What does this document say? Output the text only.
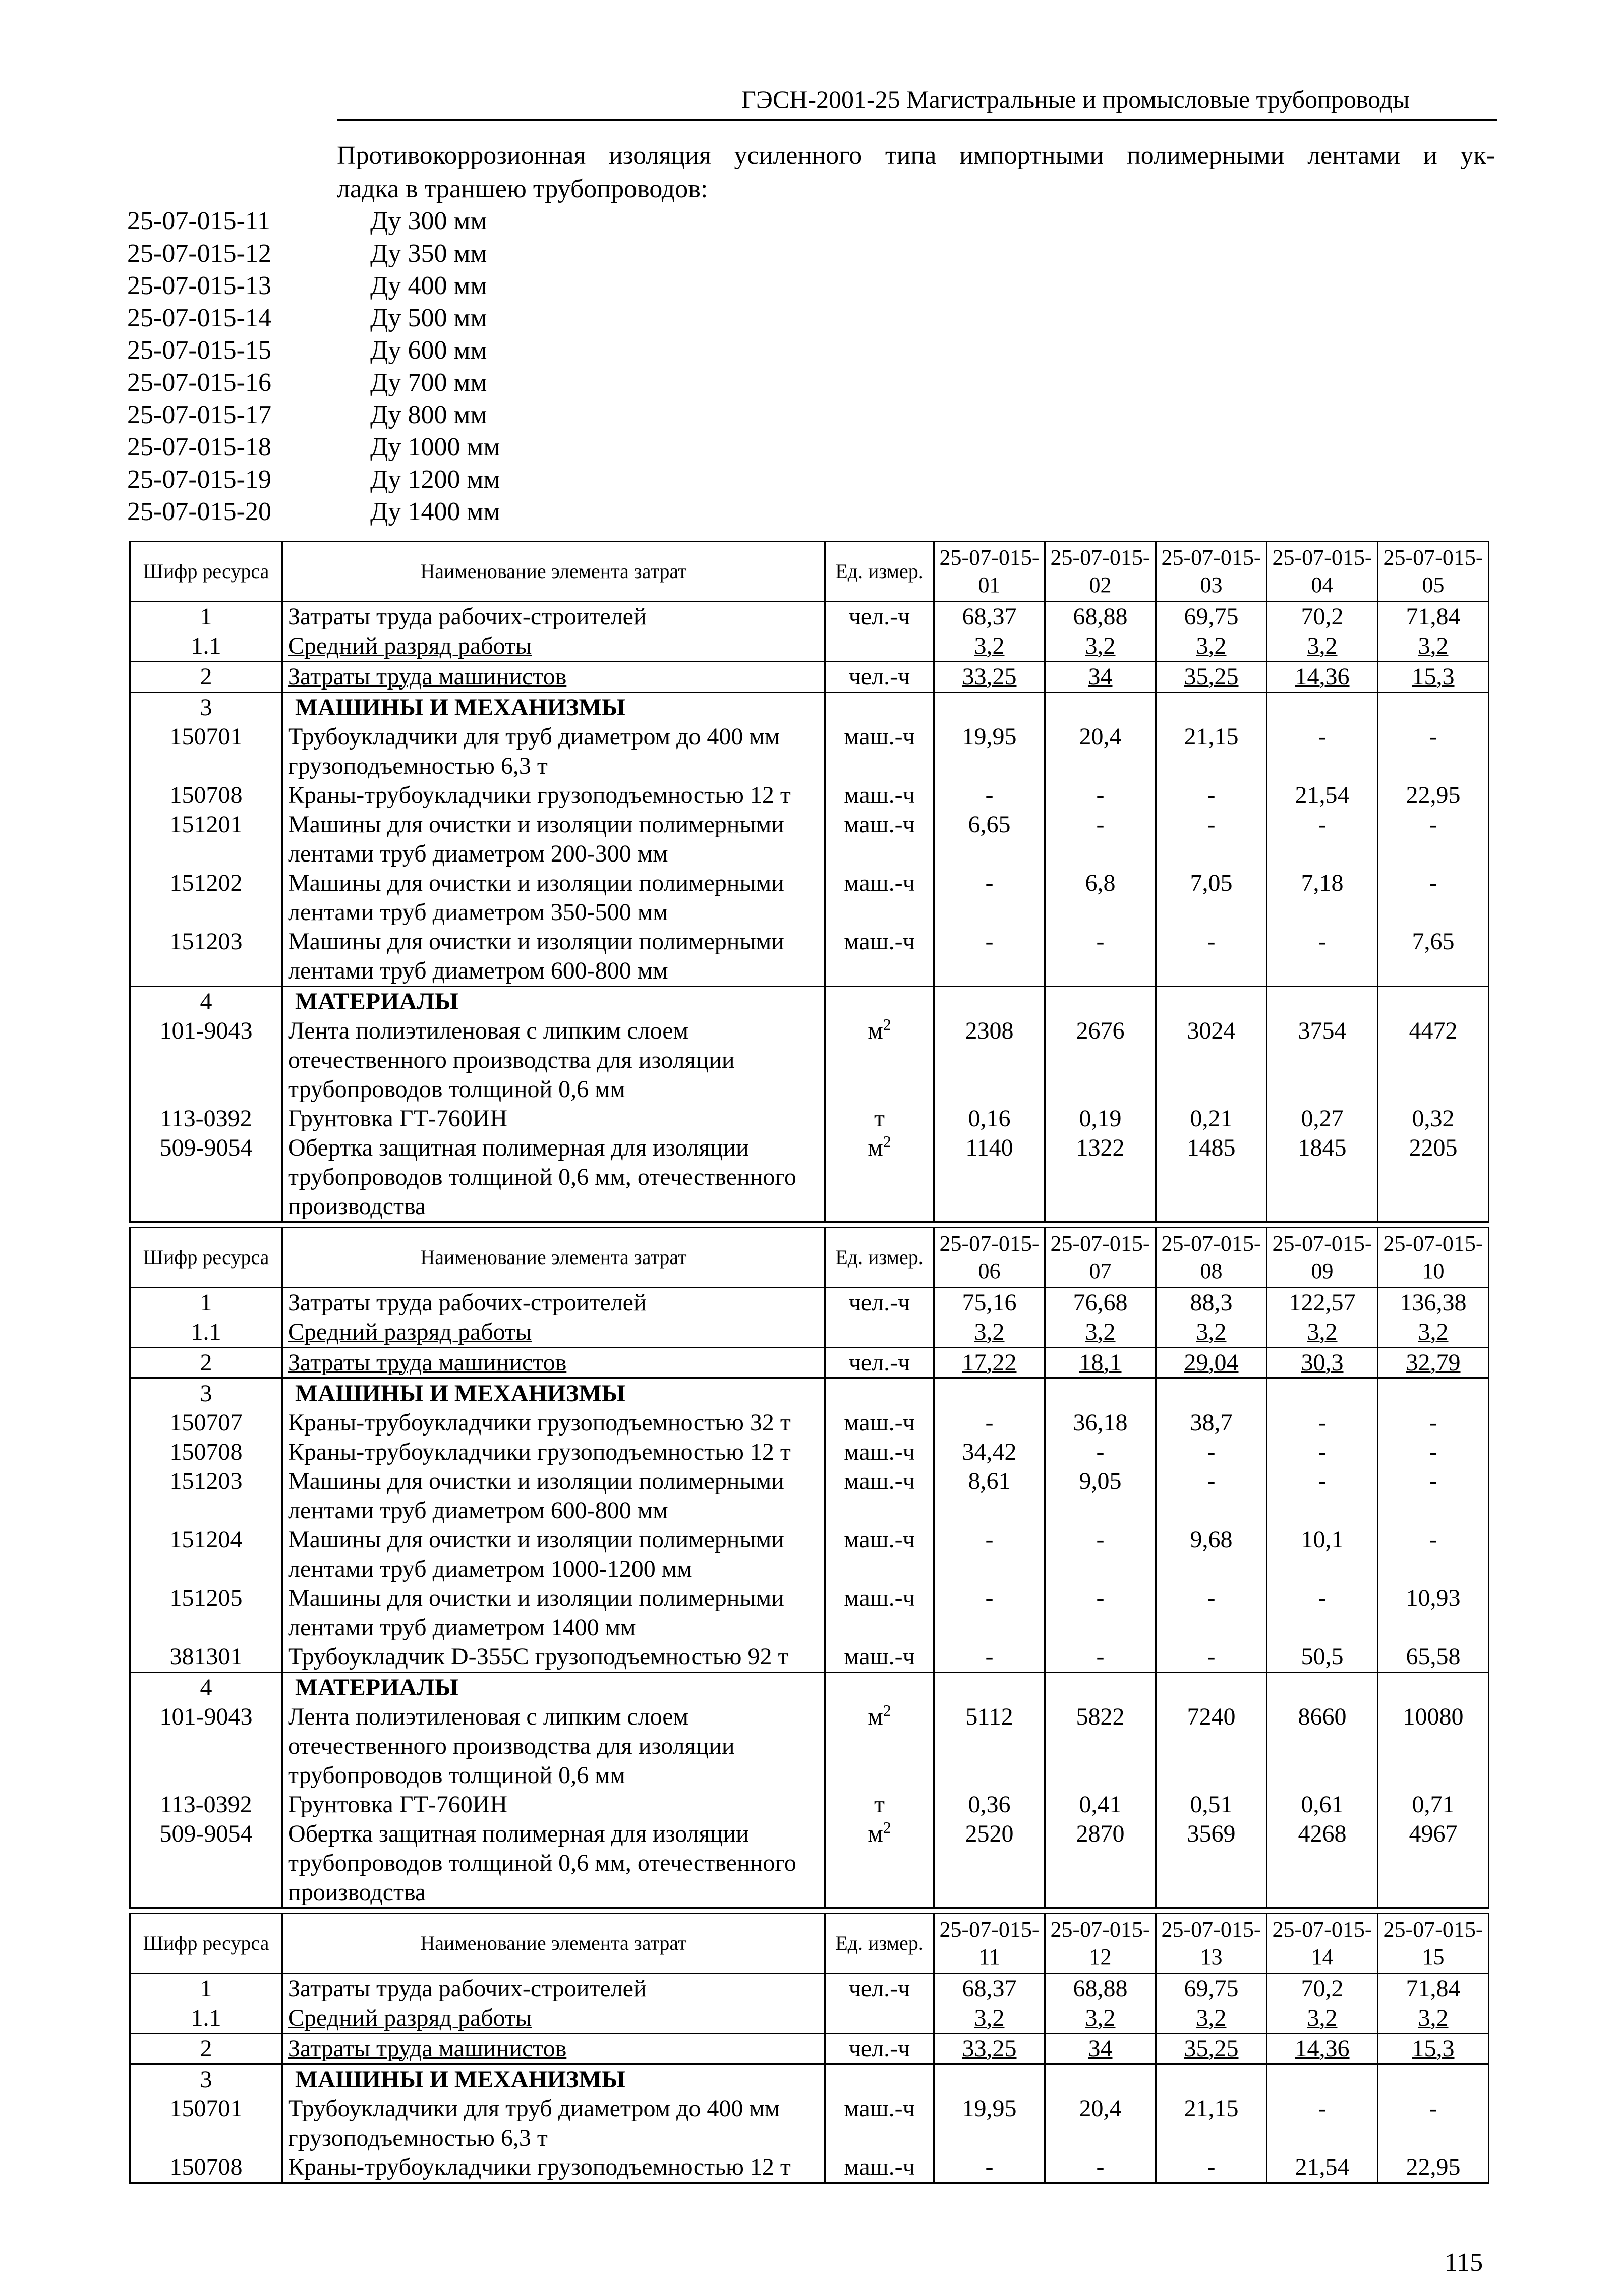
ГЭСН-2001-25 Магистральные и промысловые трубопроводы
Противокоррозионная изоляция усиленного типа импортными полимерными лентами и ук-
ладка в траншею трубопроводов:
25-07-015-11	Ду 300 мм
25-07-015-12	Ду 350 мм
25-07-015-13	Ду 400 мм
25-07-015-14	Ду 500 мм
25-07-015-15	Ду 600 мм
25-07-015-16	Ду 700 мм
25-07-015-17	Ду 800 мм
25-07-015-18	Ду 1000 мм
25-07-015-19	Ду 1200 мм
25-07-015-20	Ду 1400 мм
Шифр ресурса	Наименование элемента затрат	Ед. измер.	25-07-015-01	25-07-015-02	25-07-015-03	25-07-015-04	25-07-015-05
1	Затраты труда рабочих-строителей	чел.-ч	68,37	68,88	69,75	70,2	71,84
1.1	Средний разряд работы		3,2	3,2	3,2	3,2	3,2
2	Затраты труда машинистов	чел.-ч	33,25	34	35,25	14,36	15,3
3	МАШИНЫ И МЕХАНИЗМЫ						
150701	Трубоукладчики для труб диаметром до 400 мм грузоподъемностью 6,3 т	маш.-ч	19,95	20,4	21,15	-	-
150708	Краны-трубоукладчики грузоподъемностью 12 т	маш.-ч	-	-	-	21,54	22,95
151201	Машины для очистки и изоляции полимерными лентами труб диаметром 200-300 мм	маш.-ч	6,65	-	-	-	-
151202	Машины для очистки и изоляции полимерными лентами труб диаметром 350-500 мм	маш.-ч	-	6,8	7,05	7,18	-
151203	Машины для очистки и изоляции полимерными лентами труб диаметром 600-800 мм	маш.-ч	-	-	-	-	7,65
4	МАТЕРИАЛЫ						
101-9043	Лента полиэтиленовая с липким слоем отечественного производства для изоляции трубопроводов толщиной 0,6 мм	$м^2$	2308	2676	3024	3754	4472
113-0392	Грунтовка ГТ-760ИН	т	0,16	0,19	0,21	0,27	0,32
509-9054	Обертка защитная полимерная для изоляции трубопроводов толщиной 0,6 мм, отечественного производства	$м^2$	1140	1322	1485	1845	2205
Шифр ресурса	Наименование элемента затрат	Ед. измер.	25-07-015-06	25-07-015-07	25-07-015-08	25-07-015-09	25-07-015-10
1	Затраты труда рабочих-строителей	чел.-ч	75,16	76,68	88,3	122,57	136,38
1.1	Средний разряд работы		3,2	3,2	3,2	3,2	3,2
2	Затраты труда машинистов	чел.-ч	17,22	18,1	29,04	30,3	32,79
3	МАШИНЫ И МЕХАНИЗМЫ						
150707	Краны-трубоукладчики грузоподъемностью 32 т	маш.-ч	-	36,18	38,7	-	-
150708	Краны-трубоукладчики грузоподъемностью 12 т	маш.-ч	34,42	-	-	-	-
151203	Машины для очистки и изоляции полимерными лентами труб диаметром 600-800 мм	маш.-ч	8,61	9,05	-	-	-
151204	Машины для очистки и изоляции полимерными лентами труб диаметром 1000-1200 мм	маш.-ч	-	-	9,68	10,1	-
151205	Машины для очистки и изоляции полимерными лентами труб диаметром 1400 мм	маш.-ч	-	-	-	-	10,93
381301	Трубоукладчик D-355C грузоподъемностью 92 т	маш.-ч	-	-	-	50,5	65,58
4	МАТЕРИАЛЫ						
101-9043	Лента полиэтиленовая с липким слоем отечественного производства для изоляции трубопроводов толщиной 0,6 мм	$м^2$	5112	5822	7240	8660	10080
113-0392	Грунтовка ГТ-760ИН	т	0,36	0,41	0,51	0,61	0,71
509-9054	Обертка защитная полимерная для изоляции трубопроводов толщиной 0,6 мм, отечественного производства	$м^2$	2520	2870	3569	4268	4967
Шифр ресурса	Наименование элемента затрат	Ед. измер.	25-07-015-11	25-07-015-12	25-07-015-13	25-07-015-14	25-07-015-15
1	Затраты труда рабочих-строителей	чел.-ч	68,37	68,88	69,75	70,2	71,84
1.1	Средний разряд работы		3,2	3,2	3,2	3,2	3,2
2	Затраты труда машинистов	чел.-ч	33,25	34	35,25	14,36	15,3
3	МАШИНЫ И МЕХАНИЗМЫ						
150701	Трубоукладчики для труб диаметром до 400 мм грузоподъемностью 6,3 т	маш.-ч	19,95	20,4	21,15	-	-
150708	Краны-трубоукладчики грузоподъемностью 12 т	маш.-ч	-	-	-	21,54	22,95
115
